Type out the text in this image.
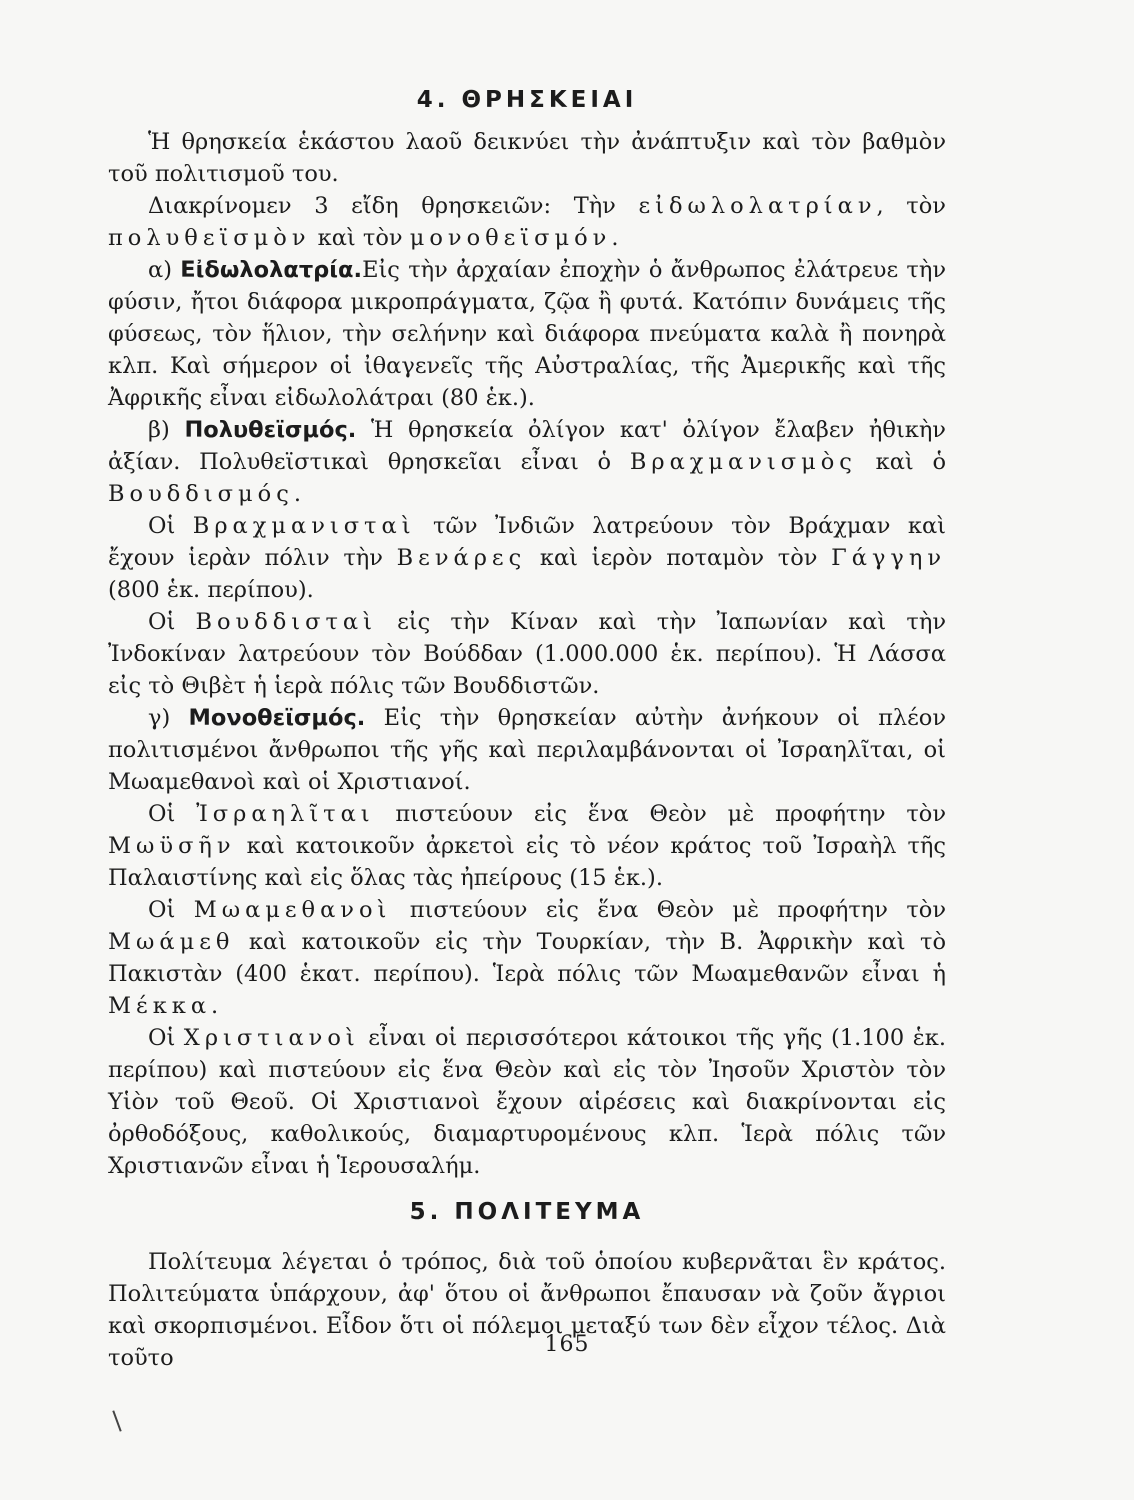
4. ΘΡΗΣΚΕΙΑΙ

Ἡ θρησκεία ἑκάστου λαοῦ δεικνύει τὴν ἀνάπτυξιν καὶ τὸν βαθμὸν τοῦ πολιτισμοῦ του.

Διακρίνομεν 3 εἴδη θρησκειῶν: Τὴν εἰδωλολατρίαν, τὸν πολυθεϊσμὸν καὶ τὸν μονοθεϊσμόν.

α) Εἰδωλολατρία.Εἰς τὴν ἀρχαίαν ἐποχὴν ὁ ἄνθρωπος ἐλάτρευε τὴν φύσιν, ἤτοι διάφορα μικροπράγματα, ζῷα ἢ φυτά. Κατόπιν δυνάμεις τῆς φύσεως, τὸν ἥλιον, τὴν σελήνην καὶ διάφορα πνεύματα καλὰ ἢ πονηρὰ κλπ. Καὶ σήμερον οἱ ἰθαγενεῖς τῆς Αὐστραλίας, τῆς Ἀμερικῆς καὶ τῆς Ἀφρικῆς εἶναι εἰδωλολάτραι (80 ἑκ.).

β) Πολυθεϊσμός. Ἡ θρησκεία ὀλίγον κατ' ὀλίγον ἔλαβεν ἠθικὴν ἀξίαν. Πολυθεϊστικαὶ θρησκεῖαι εἶναι ὁ Βραχμανισμὸς καὶ ὁ Βουδδισμός.

Οἱ Βραχμανισταὶ τῶν Ἰνδιῶν λατρεύουν τὸν Βράχμαν καὶ ἔχουν ἱερὰν πόλιν τὴν Βενάρες καὶ ἱερὸν ποταμὸν τὸν Γάγγην (800 ἑκ. περίπου).

Οἱ Βουδδισταὶ εἰς τὴν Κίναν καὶ τὴν Ἰαπωνίαν καὶ τὴν Ἰνδοκίναν λατρεύουν τὸν Βούδδαν (1.000.000 ἑκ. περίπου). Ἡ Λάσσα εἰς τὸ Θιβὲτ ἡ ἱερὰ πόλις τῶν Βουδδιστῶν.

γ) Μονοθεϊσμός. Εἰς τὴν θρησκείαν αὐτὴν ἀνήκουν οἱ πλέον πολιτισμένοι ἄνθρωποι τῆς γῆς καὶ περιλαμβάνονται οἱ Ἰσραηλῖται, οἱ Μωαμεθανοὶ καὶ οἱ Χριστιανοί.

Οἱ Ἰσραηλῖται πιστεύουν εἰς ἕνα Θεὸν μὲ προφήτην τὸν Μωϋσῆν καὶ κατοικοῦν ἀρκετοὶ εἰς τὸ νέον κράτος τοῦ Ἰσραὴλ τῆς Παλαιστίνης καὶ εἰς ὅλας τὰς ἠπείρους (15 ἑκ.).

Οἱ Μωαμεθανοὶ πιστεύουν εἰς ἕνα Θεὸν μὲ προφήτην τὸν Μωάμεθ καὶ κατοικοῦν εἰς τὴν Τουρκίαν, τὴν Β. Ἀφρικὴν καὶ τὸ Πακιστὰν (400 ἑκατ. περίπου). Ἱερὰ πόλις τῶν Μωαμεθανῶν εἶναι ἡ Μέκκα.

Οἱ Χριστιανοὶ εἶναι οἱ περισσότεροι κάτοικοι τῆς γῆς (1.100 ἑκ. περίπου) καὶ πιστεύουν εἰς ἕνα Θεὸν καὶ εἰς τὸν Ἰησοῦν Χριστὸν τὸν Υἱὸν τοῦ Θεοῦ. Οἱ Χριστιανοὶ ἔχουν αἱρέσεις καὶ διακρίνονται εἰς ὀρθοδόξους, καθολικούς, διαμαρτυρομένους κλπ. Ἱερὰ πόλις τῶν Χριστιανῶν εἶναι ἡ Ἱερουσαλήμ.

5. ΠΟΛΙΤΕΥΜΑ

Πολίτευμα λέγεται ὁ τρόπος, διὰ τοῦ ὁποίου κυβερνᾶται ἓν κράτος. Πολιτεύματα ὑπάρχουν, ἀφ' ὅτου οἱ ἄνθρωποι ἔπαυσαν νὰ ζοῦν ἄγριοι καὶ σκορπισμένοι. Εἶδον ὅτι οἱ πόλεμοι μεταξύ των δὲν εἶχον τέλος. Διὰ τοῦτο

165
